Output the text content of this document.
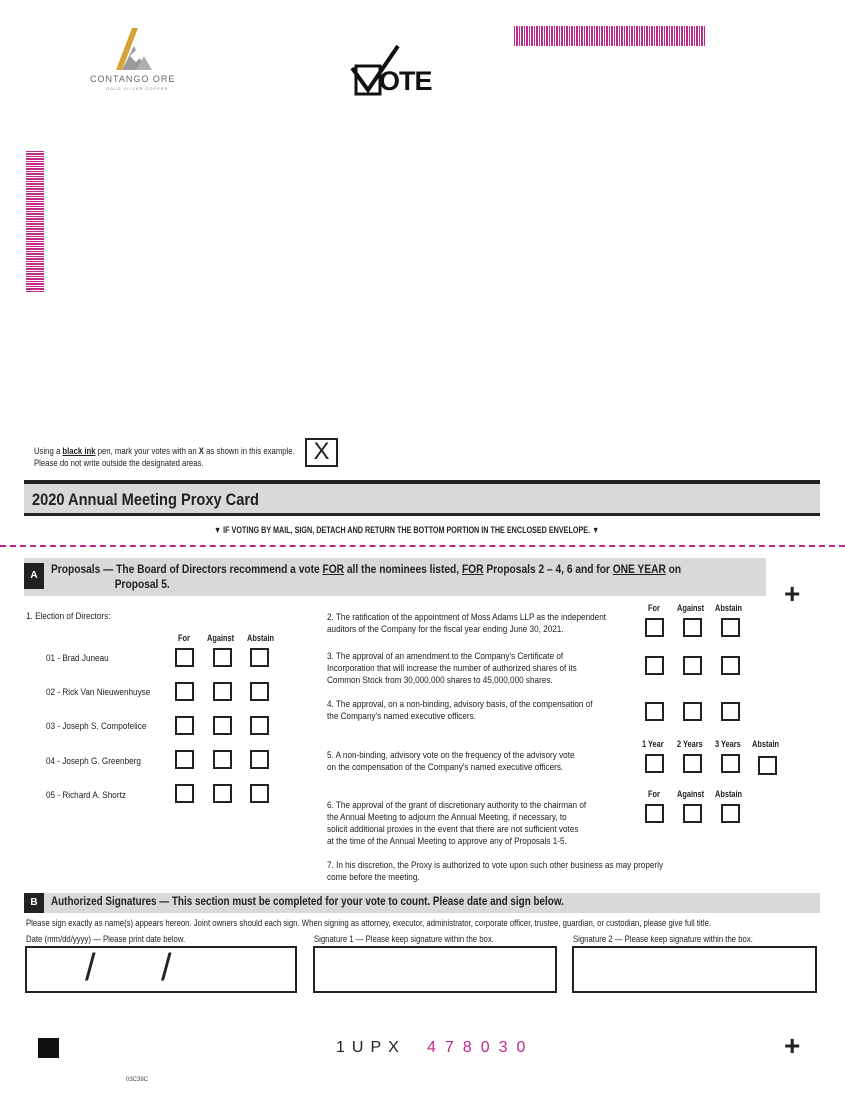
CONTANGO ORE
GOLD SILVER COPPER	OTE
Using a black ink pen, mark your votes with an X as shown in this example.
Please do not write outside the designated areas.	X
2020 Annual Meeting Proxy Card
▼ IF VOTING BY MAIL, SIGN, DETACH AND RETURN THE BOTTOM PORTION IN THE ENCLOSED ENVELOPE. ▼
A	Proposals — The Board of Directors recommend a vote FOR all the nominees listed, FOR Proposals 2 – 4, 6 and for ONE YEAR on
Proposal 5.	+
1. Election of Directors:
For Against Abstain
01 - Brad Juneau
02 - Rick Van Nieuwenhuyse
03 - Joseph S. Compofelice
04 - Joseph G. Greenberg
05 - Richard A. Shortz
For Against Abstain
2. The ratification of the appointment of Moss Adams LLP as the independent
auditors of the Company for the fiscal year ending June 30, 2021.
3. The approval of an amendment to the Company's Certificate of
Incorporation that will increase the number of authorized shares of its
Common Stock from 30,000,000 shares to 45,000,000 shares.
4. The approval, on a non-binding, advisory basis, of the compensation of
the Company's named executive officers.
1 Year 2 Years 3 Years Abstain
5. A non-binding, advisory vote on the frequency of the advisory vote
on the compensation of the Company's named executive officers.
For Against Abstain
6. The approval of the grant of discretionary authority to the chairman of
the Annual Meeting to adjourn the Annual Meeting, if necessary, to
solicit additional proxies in the event that there are not sufficient votes
at the time of the Annual Meeting to approve any of Proposals 1-5.
7. In his discretion, the Proxy is authorized to vote upon such other business as may properly
come before the meeting.
B	Authorized Signatures — This section must be completed for your vote to count. Please date and sign below.
Please sign exactly as name(s) appears hereon. Joint owners should each sign. When signing as attorney, executor, administrator, corporate officer, trustee, guardian, or custodian, please give full title.
Date (mm/dd/yyyy) — Please print date below.	Signature 1 — Please keep signature within the box.	Signature 2 — Please keep signature within the box.
/ /
1UPX 478030	+
03C39C
